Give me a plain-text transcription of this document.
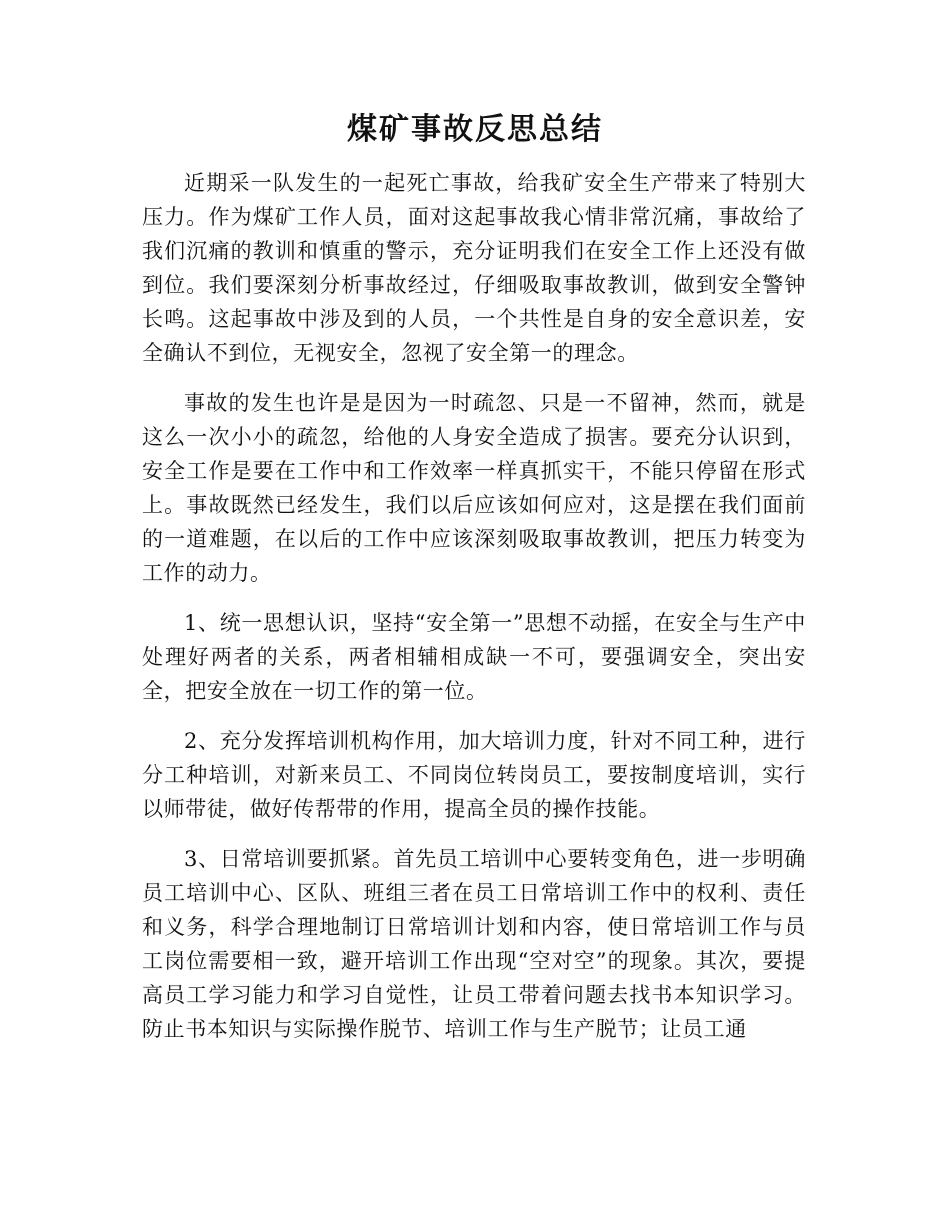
煤矿事故反思总结

近期采一队发生的一起死亡事故，给我矿安全生产带来了特别大压力。作为煤矿工作人员，面对这起事故我心情非常沉痛，事故给了我们沉痛的教训和慎重的警示，充分证明我们在安全工作上还没有做到位。我们要深刻分析事故经过，仔细吸取事故教训，做到安全警钟长鸣。这起事故中涉及到的人员，一个共性是自身的安全意识差，安全确认不到位，无视安全，忽视了安全第一的理念。

事故的发生也许是是因为一时疏忽、只是一不留神，然而，就是这么一次小小的疏忽，给他的人身安全造成了损害。要充分认识到，安全工作是要在工作中和工作效率一样真抓实干，不能只停留在形式上。事故既然已经发生，我们以后应该如何应对，这是摆在我们面前的一道难题，在以后的工作中应该深刻吸取事故教训，把压力转变为工作的动力。

1、统一思想认识，坚持“安全第一”思想不动摇，在安全与生产中处理好两者的关系，两者相辅相成缺一不可，要强调安全，突出安全，把安全放在一切工作的第一位。

2、充分发挥培训机构作用，加大培训力度，针对不同工种，进行分工种培训，对新来员工、不同岗位转岗员工，要按制度培训，实行以师带徒，做好传帮带的作用，提高全员的操作技能。

3、日常培训要抓紧。首先员工培训中心要转变角色，进一步明确员工培训中心、区队、班组三者在员工日常培训工作中的权利、责任和义务，科学合理地制订日常培训计划和内容，使日常培训工作与员工岗位需要相一致，避开培训工作出现“空对空”的现象。其次，要提高员工学习能力和学习自觉性，让员工带着问题去找书本知识学习。防止书本知识与实际操作脱节、培训工作与生产脱节；让员工通
